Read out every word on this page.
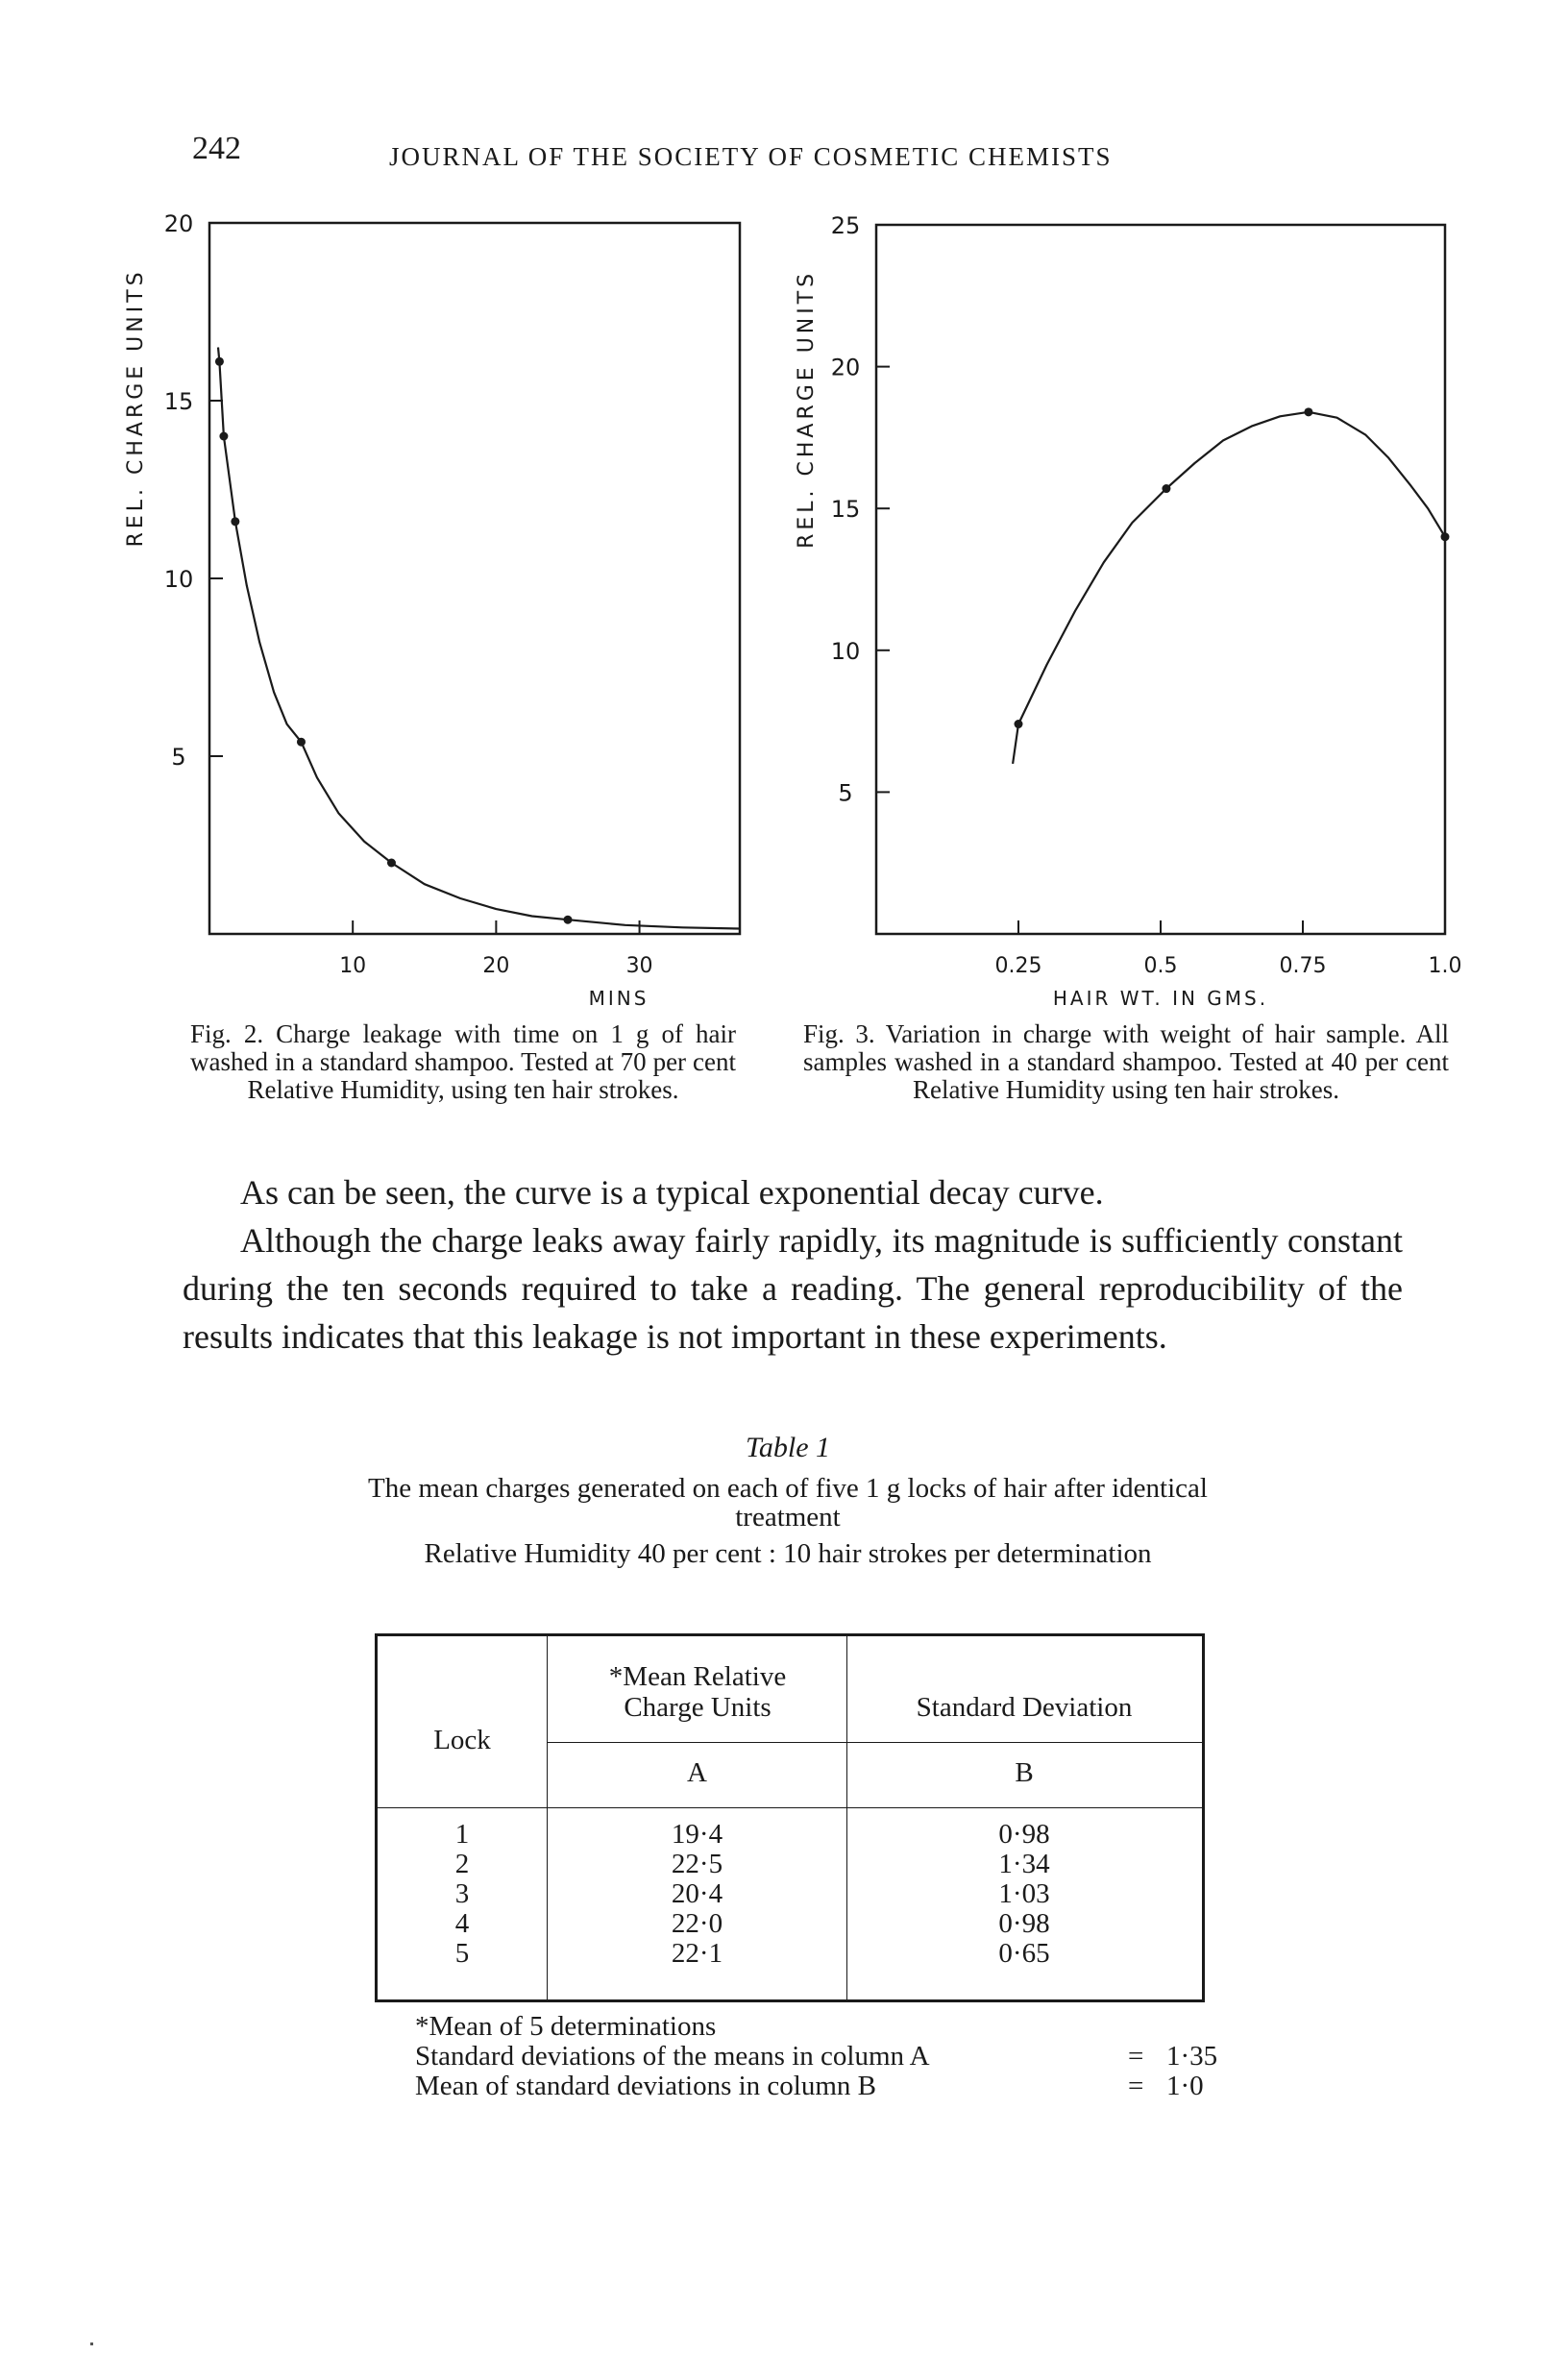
242	JOURNAL OF THE SOCIETY OF COSMETIC CHEMISTS
5
10
15
20
10	20	30
MINS
REL. CHARGE UNITS
5
10
15
20
25
0.25	0.5	0.75	1.0
HAIR WT. IN GMS.
REL. CHARGE UNITS
Fig. 2. Charge leakage with time on 1 g of hair washed in a standard shampoo. Tested at 70 per cent Relative Humidity, using ten hair strokes.
Fig. 3. Variation in charge with weight of hair sample. All samples washed in a standard shampoo. Tested at 40 per cent Relative Humidity using ten hair strokes.

As can be seen, the curve is a typical exponential decay curve.

Although the charge leaks away fairly rapidly, its magnitude is sufficiently constant during the ten seconds required to take a reading. The general reproducibility of the results indicates that this leakage is not important in these experiments.

Table 1

The mean charges generated on each of five 1 g locks of hair after identical treatment

Relative Humidity 40 per cent : 10 hair strokes per determination

Lock
*Mean Relative Charge Units	Standard Deviation
A	B
1	19·4	0·98
2	22·5	1·34
3	20·4	1·03
4	22·0	0·98
5	22·1	0·65
*Mean of 5 determinations
Standard deviations of the means in column A	= 1·35
Mean of standard deviations in column B	= 1·0
